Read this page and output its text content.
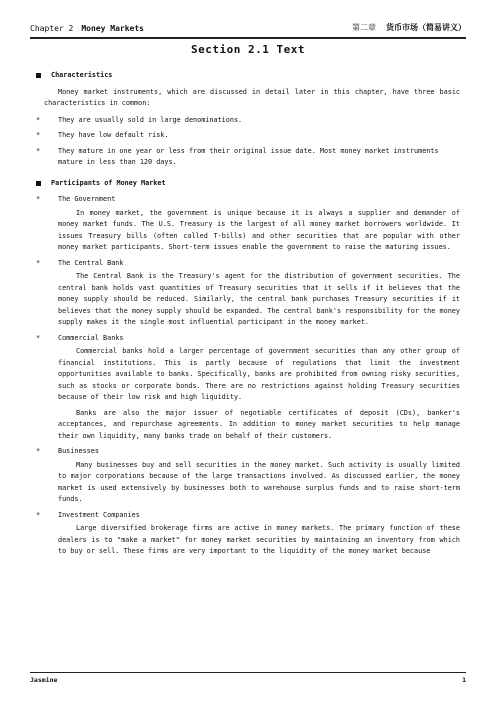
Chapter 2 Money Markets	第二章 货币市场（简易讲义）
Section 2.1 Text
Characteristics
Money market instruments, which are discussed in detail later in this chapter, have three basic characteristics in common:
*	They are usually sold in large denominations.
*	They have low default risk.
*	They mature in one year or less from their original issue date. Most money market instruments mature in less than 120 days.
Participants of Money Market
*	The Government
In money market, the government is unique because it is always a supplier and demander of money market funds. The U.S. Treasury is the largest of all money market borrowers worldwide. It issues Treasury bills (often called T-bills) and other securities that are popular with other money market participants. Short-term issues enable the government to raise the maturing issues.
*	The Central Bank
The Central Bank is the Treasury's agent for the distribution of government securities. The central bank holds vast quantities of Treasury securities that it sells if it believes that the money supply should be reduced. Similarly, the central bank purchases Treasury securities if it believes that the money supply should be expanded. The central bank's responsibility for the money supply makes it the single most influential participant in the money market.
*	Commercial Banks
Commercial banks hold a larger percentage of government securities than any other group of financial institutions. This is partly because of regulations that limit the investment opportunities available to banks. Specifically, banks are prohibited from owning risky securities, such as stocks or corporate bonds. There are no restrictions against holding Treasury securities because of their low risk and high liquidity.
Banks are also the major issuer of negotiable certificates of deposit (CDs), banker's acceptances, and repurchase agreements. In addition to money market securities to help manage their own liquidity, many banks trade on behalf of their customers.
*	Businesses
Many businesses buy and sell securities in the money market. Such activity is usually limited to major corporations because of the large transactions involved. As discussed earlier, the money market is used extensively by businesses both to warehouse surplus funds and to raise short-term funds.
*	Investment Companies
Large diversified brokerage firms are active in money markets. The primary function of these dealers is to "make a market" for money market securities by maintaining an inventory from which to buy or sell. These firms are very important to the liquidity of the money market because
Jasmine	1
